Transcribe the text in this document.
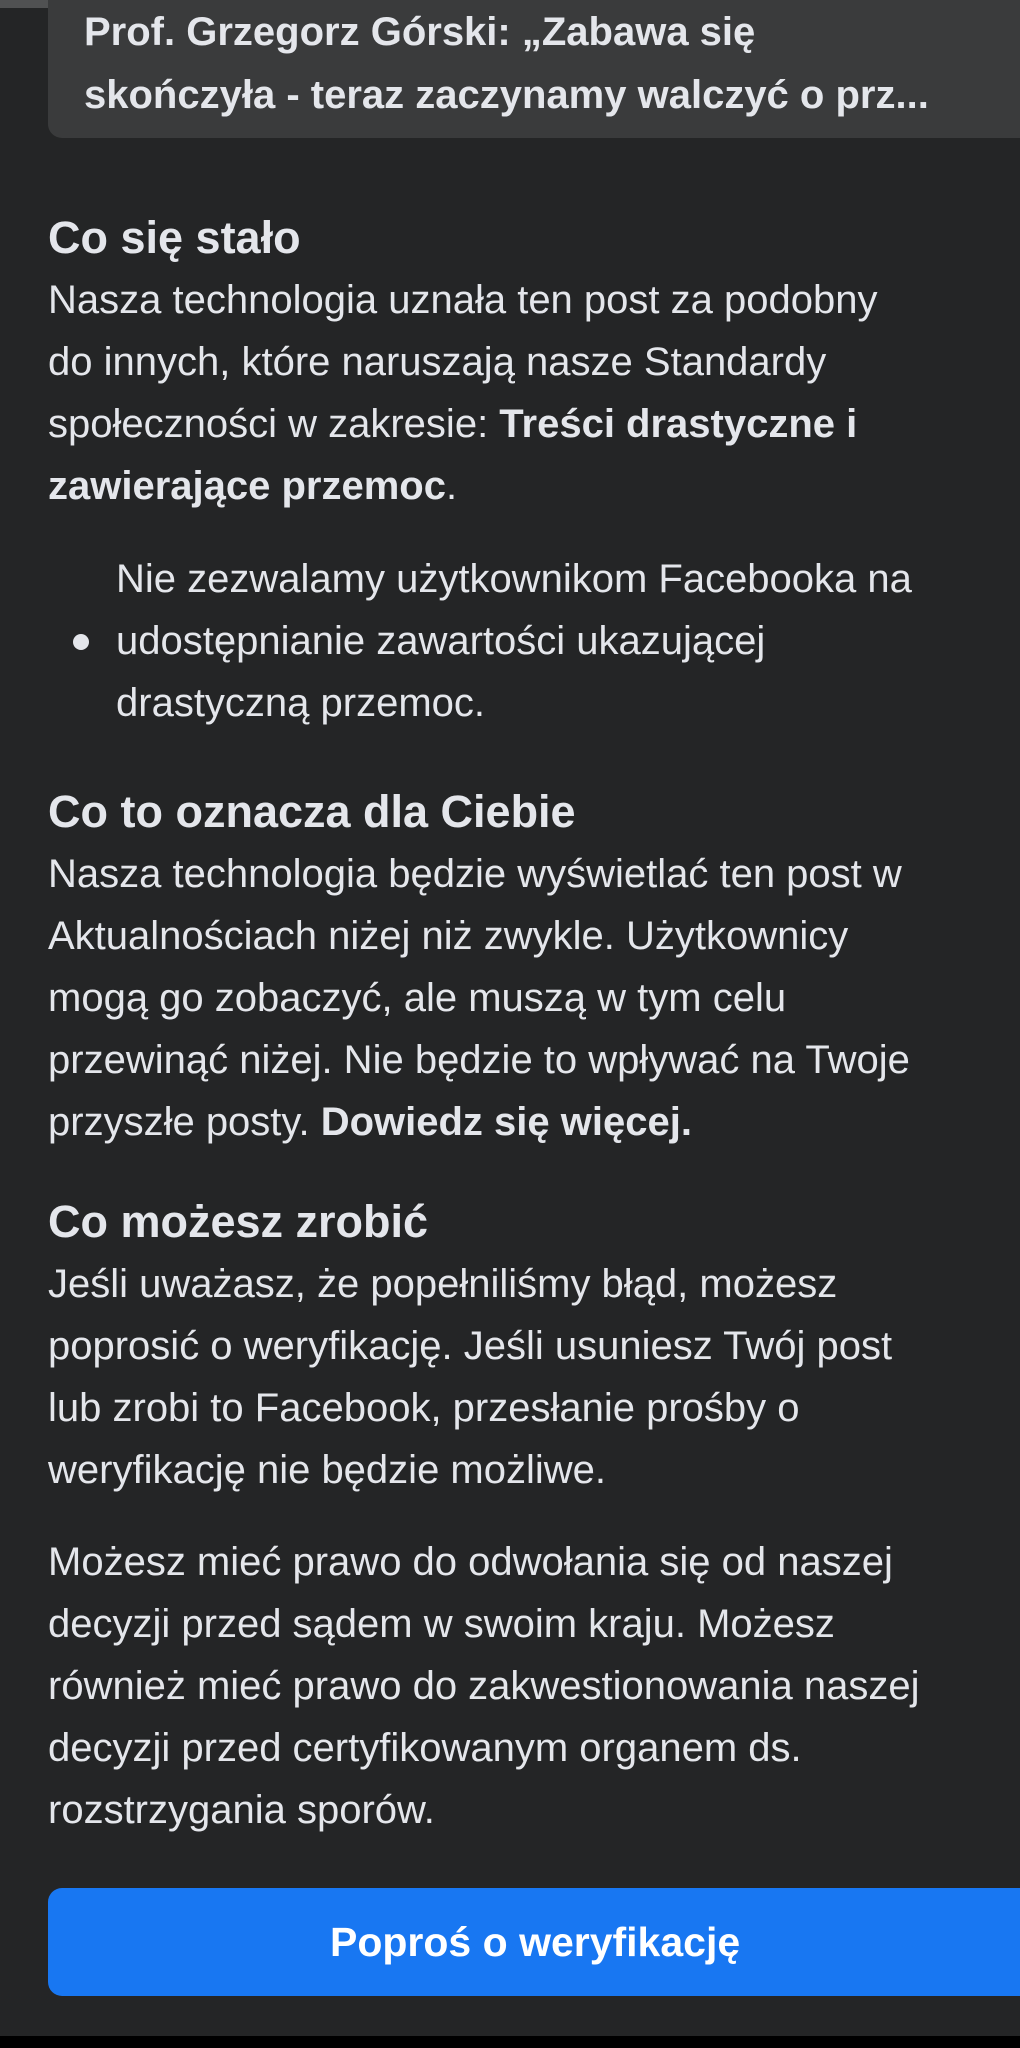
Prof. Grzegorz Górski: „Zabawa się
skończyła - teraz zaczynamy walczyć o prz...
Co się stało

Nasza technologia uznała ten post za podobny

do innych, które naruszają nasze Standardy

społeczności w zakresie: Treści drastyczne i

zawierające przemoc.

Nie zezwalamy użytkownikom Facebooka na
udostępnianie zawartości ukazującej
drastyczną przemoc.
Co to oznacza dla Ciebie

Nasza technologia będzie wyświetlać ten post w

Aktualnościach niżej niż zwykle. Użytkownicy

mogą go zobaczyć, ale muszą w tym celu

przewinąć niżej. Nie będzie to wpływać na Twoje

przyszłe posty. Dowiedz się więcej.

Co możesz zrobić

Jeśli uważasz, że popełniliśmy błąd, możesz

poprosić o weryfikację. Jeśli usuniesz Twój post

lub zrobi to Facebook, przesłanie prośby o

weryfikację nie będzie możliwe.

Możesz mieć prawo do odwołania się od naszej

decyzji przed sądem w swoim kraju. Możesz

również mieć prawo do zakwestionowania naszej

decyzji przed certyfikowanym organem ds.

rozstrzygania sporów.

Poproś o weryfikację
